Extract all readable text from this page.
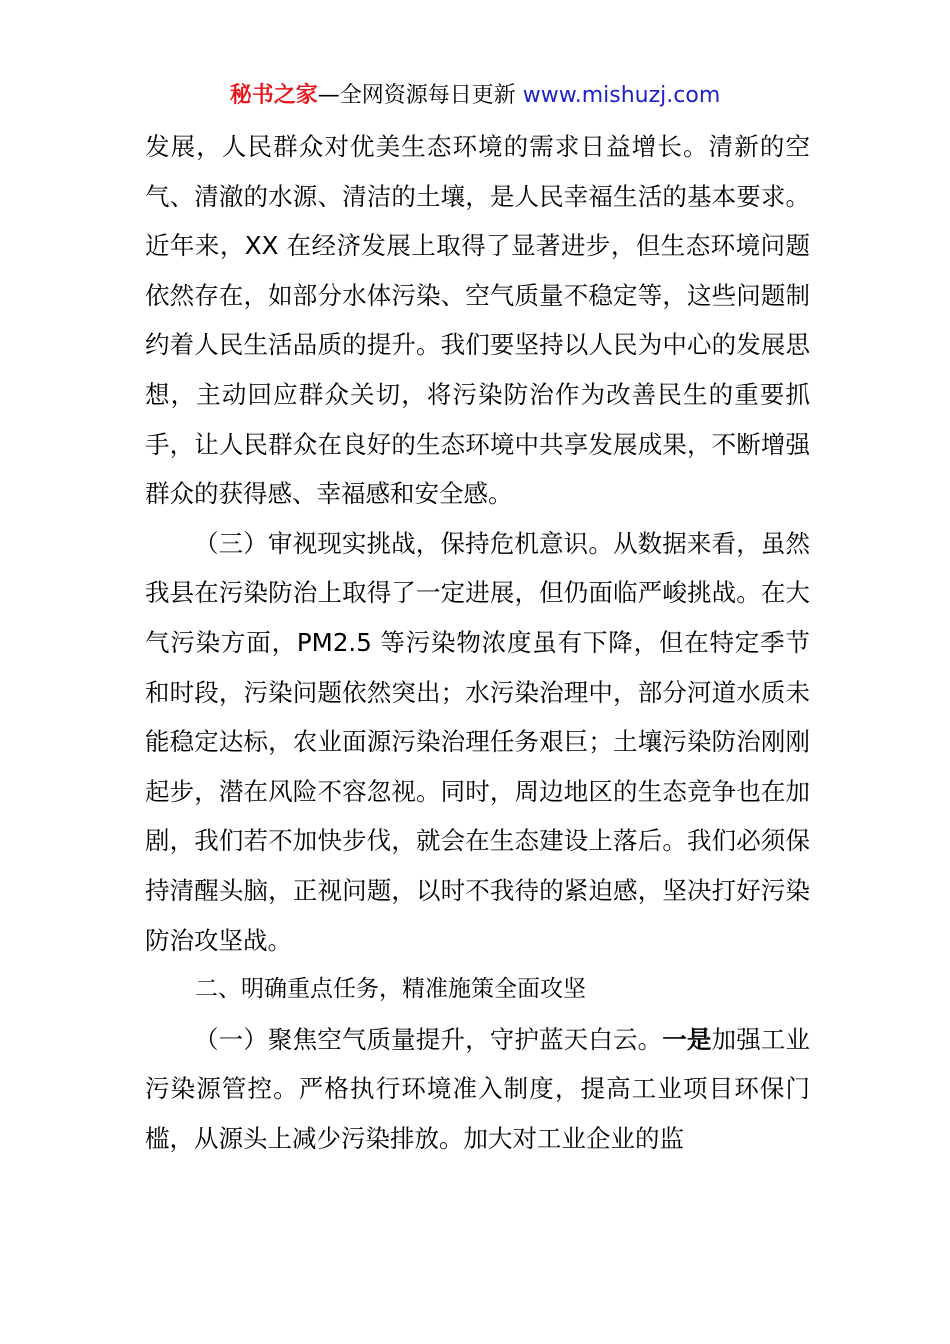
秘书之家—全网资源每日更新 www.mishuzj.com

发展，人民群众对优美生态环境的需求日益增长。清新的空气、清澈的水源、清洁的土壤，是人民幸福生活的基本要求。近年来，XX 在经济发展上取得了显著进步，但生态环境问题依然存在，如部分水体污染、空气质量不稳定等，这些问题制约着人民生活品质的提升。我们要坚持以人民为中心的发展思想，主动回应群众关切，将污染防治作为改善民生的重要抓手，让人民群众在良好的生态环境中共享发展成果，不断增强群众的获得感、幸福感和安全感。

（三）审视现实挑战，保持危机意识。从数据来看，虽然我县在污染防治上取得了一定进展，但仍面临严峻挑战。在大气污染方面，PM2.5 等污染物浓度虽有下降，但在特定季节和时段，污染问题依然突出；水污染治理中，部分河道水质未能稳定达标，农业面源污染治理任务艰巨；土壤污染防治刚刚起步，潜在风险不容忽视。同时，周边地区的生态竞争也在加剧，我们若不加快步伐，就会在生态建设上落后。我们必须保持清醒头脑，正视问题，以时不我待的紧迫感，坚决打好污染防治攻坚战。

二、明确重点任务，精准施策全面攻坚

（一）聚焦空气质量提升，守护蓝天白云。一是加强工业污染源管控。严格执行环境准入制度，提高工业项目环保门槛，从源头上减少污染排放。加大对工业企业的监
